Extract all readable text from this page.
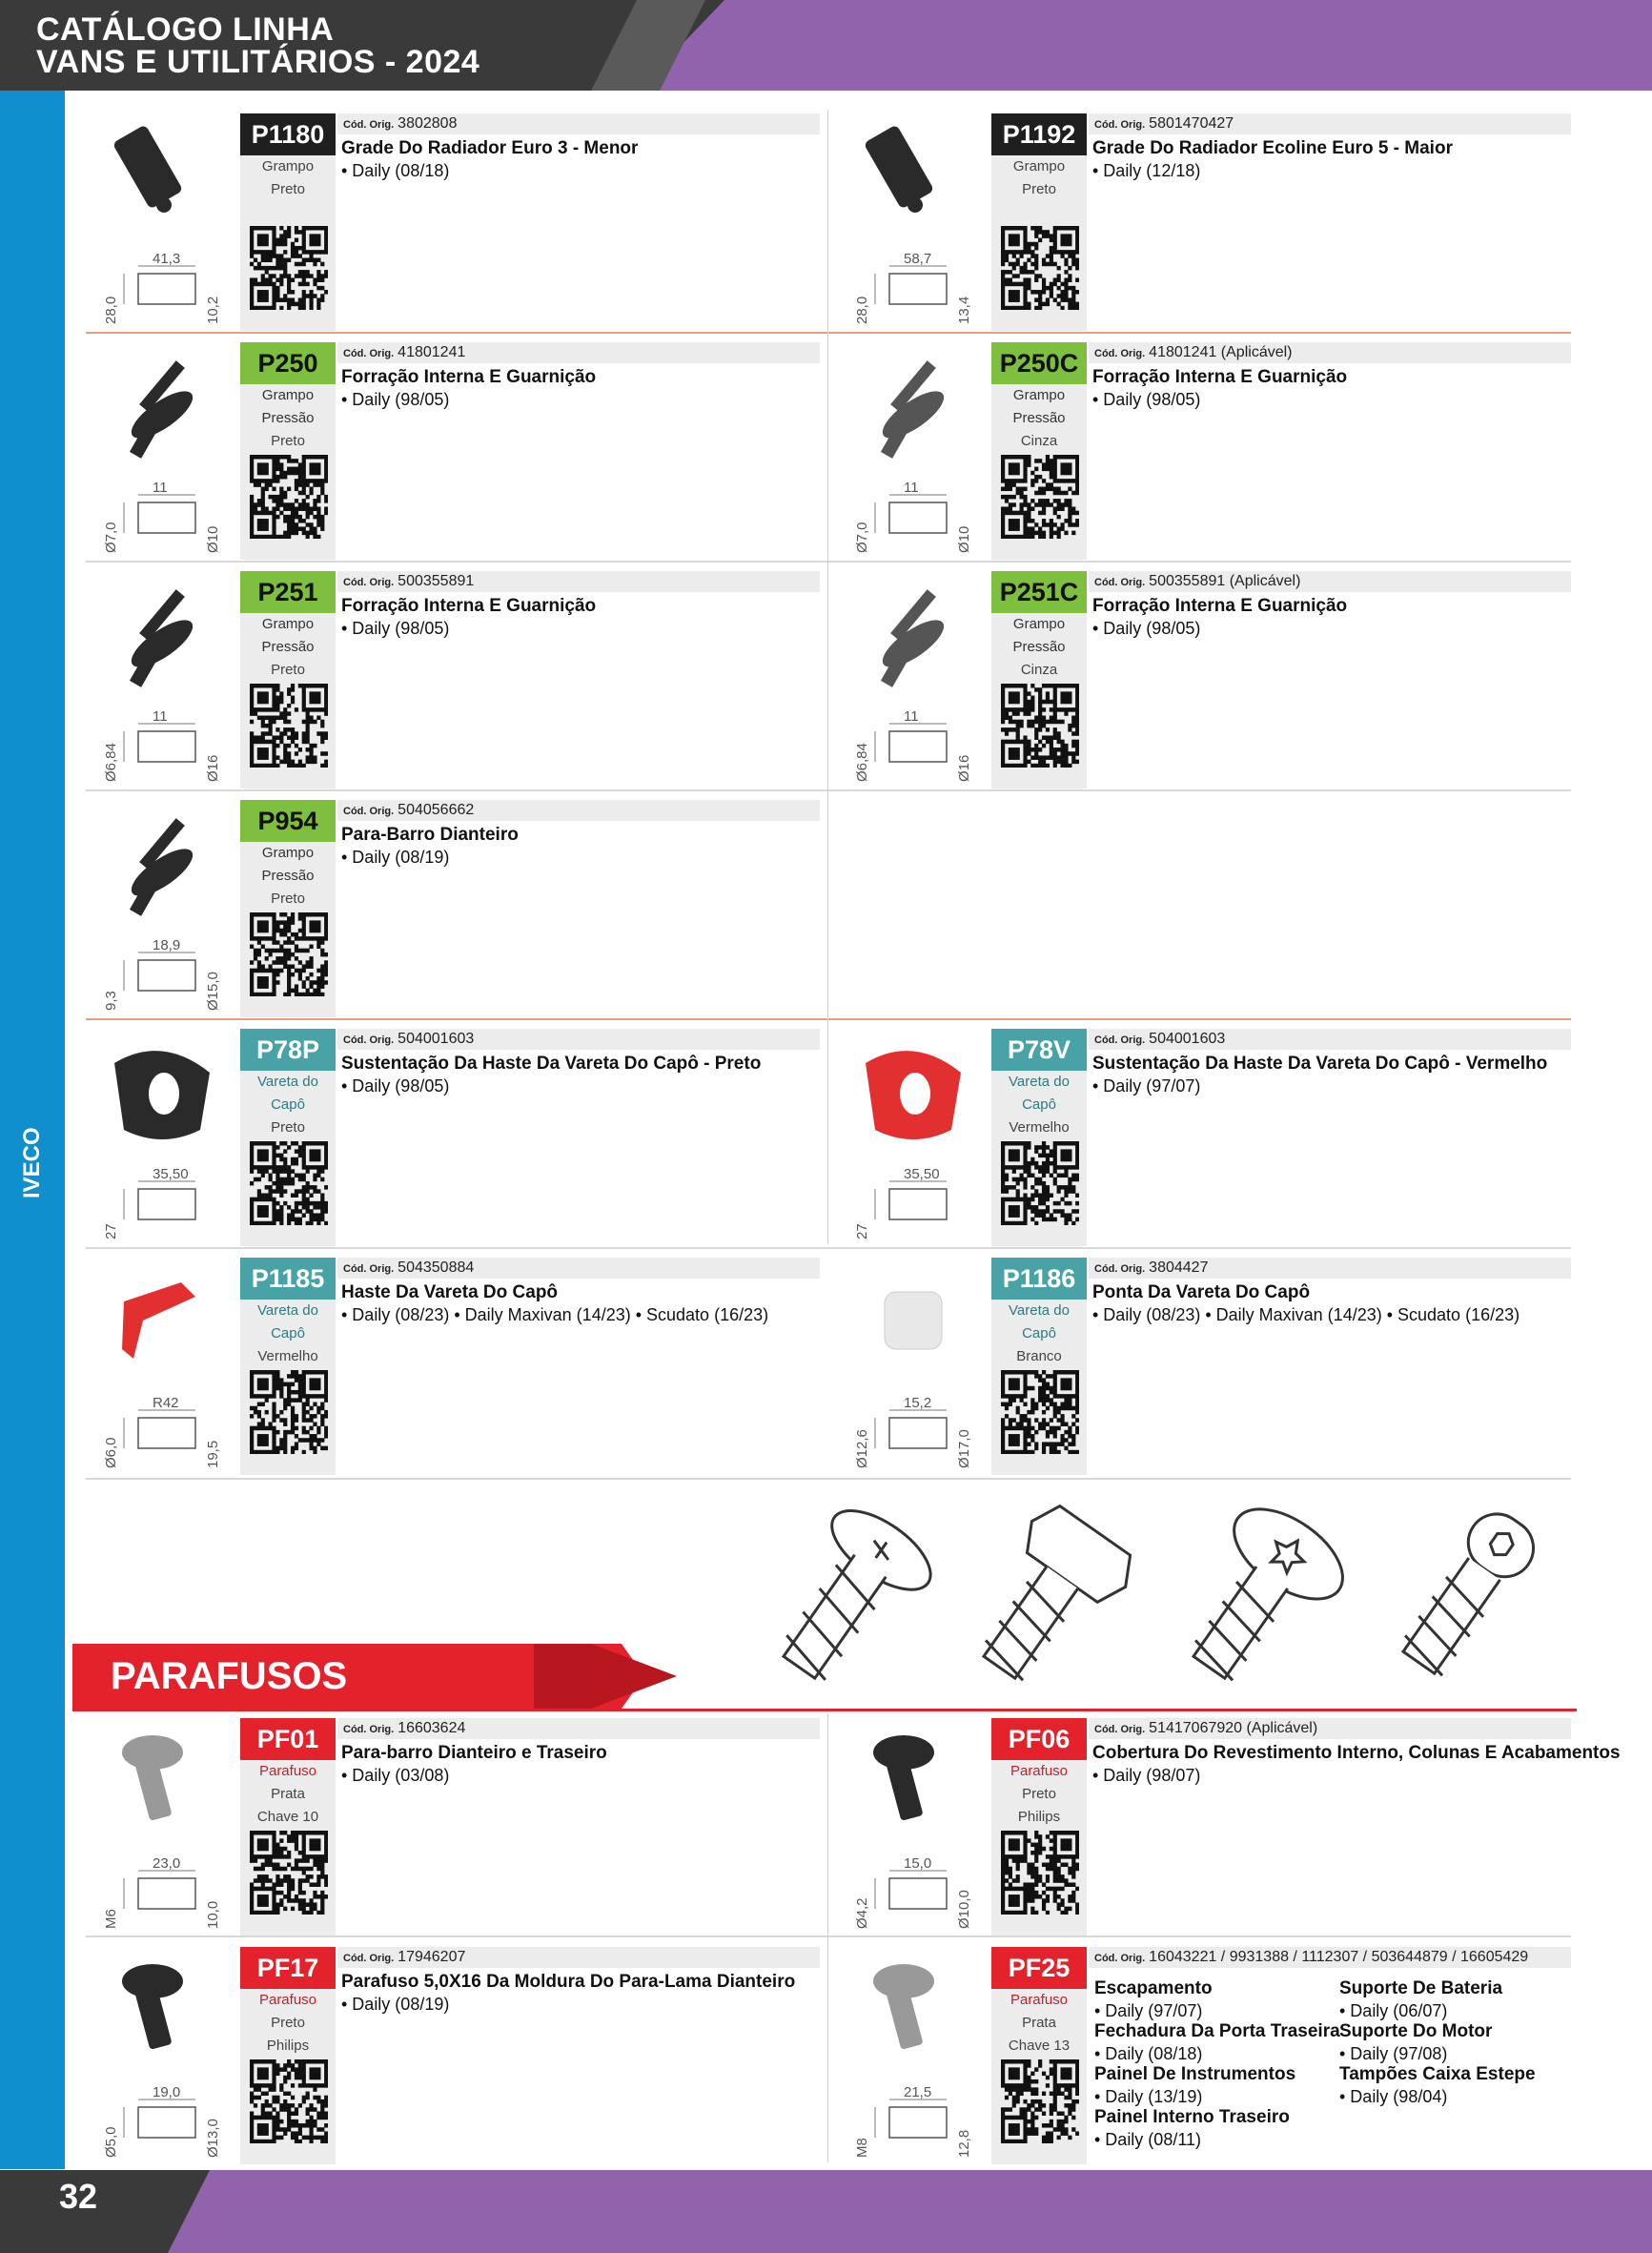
CATÁLOGO LINHA
VANS E UTILITÁRIOS - 2024
IVECO
41,3
28,0	10,2
P1180
Grampo
Preto
Cód. Orig. 3802808
Grade Do Radiador Euro 3 - Menor
• Daily (08/18)
58,7
28,0	13,4
P1192
Grampo
Preto
Cód. Orig. 5801470427
Grade Do Radiador Ecoline Euro 5 - Maior
• Daily (12/18)
11
Ø7,0	Ø10
P250
Grampo Pressão
Preto
Cód. Orig. 41801241
Forração Interna E Guarnição
• Daily (98/05)
11
Ø7,0	Ø10
P250C
Grampo Pressão
Cinza
Cód. Orig. 41801241 (Aplicável)
Forração Interna E Guarnição
• Daily (98/05)
11
Ø6,84	Ø16
P251
Grampo Pressão
Preto
Cód. Orig. 500355891
Forração Interna E Guarnição
• Daily (98/05)
11
Ø6,84	Ø16
P251C
Grampo Pressão
Cinza
Cód. Orig. 500355891 (Aplicável)
Forração Interna E Guarnição
• Daily (98/05)
18,9
9,3	Ø15,0
P954
Grampo Pressão
Preto
Cód. Orig. 504056662
Para-Barro Dianteiro
• Daily (08/19)
35,50
27
P78P
Vareta do Capô
Preto
Cód. Orig. 504001603
Sustentação Da Haste Da Vareta Do Capô - Preto
• Daily (98/05)
35,50
27
P78V
Vareta do Capô
Vermelho
Cód. Orig. 504001603
Sustentação Da Haste Da Vareta Do Capô - Vermelho
• Daily (97/07)
R42
Ø6,0	19,5
P1185
Vareta do Capô
Vermelho
Cód. Orig. 504350884
Haste Da Vareta Do Capô
• Daily (08/23) • Daily Maxivan (14/23) • Scudato (16/23)
15,2
Ø12,6	Ø17,0
P1186
Vareta do Capô
Branco
Cód. Orig. 3804427
Ponta Da Vareta Do Capô
• Daily (08/23) • Daily Maxivan (14/23) • Scudato (16/23)
23,0
M6	10,0
PF01
Parafuso
Prata
Chave 10
Cód. Orig. 16603624
Para-barro Dianteiro e Traseiro
• Daily (03/08)
15,0
Ø4,2	Ø10,0
PF06
Parafuso
Preto
Philips
Cód. Orig. 51417067920 (Aplicável)
Cobertura Do Revestimento Interno, Colunas E Acabamentos
• Daily (98/07)
19,0
Ø5,0	Ø13,0
PF17
Parafuso
Preto
Philips
Cód. Orig. 17946207
Parafuso 5,0X16 Da Moldura Do Para-Lama Dianteiro
• Daily (08/19)
21,5
M8	12,8
PF25
Parafuso
Prata
Chave 13
Cód. Orig. 16043221 / 9931388 / 1112307 / 503644879 / 16605429
PARAFUSOS
Escapamento
• Daily (97/07)
Fechadura Da Porta Traseira
• Daily (08/18)
Painel De Instrumentos
• Daily (13/19)
Painel Interno Traseiro
• Daily (08/11)
Suporte De Bateria
• Daily (06/07)
Suporte Do Motor
• Daily (97/08)
Tampões Caixa Estepe
• Daily (98/04)
32
